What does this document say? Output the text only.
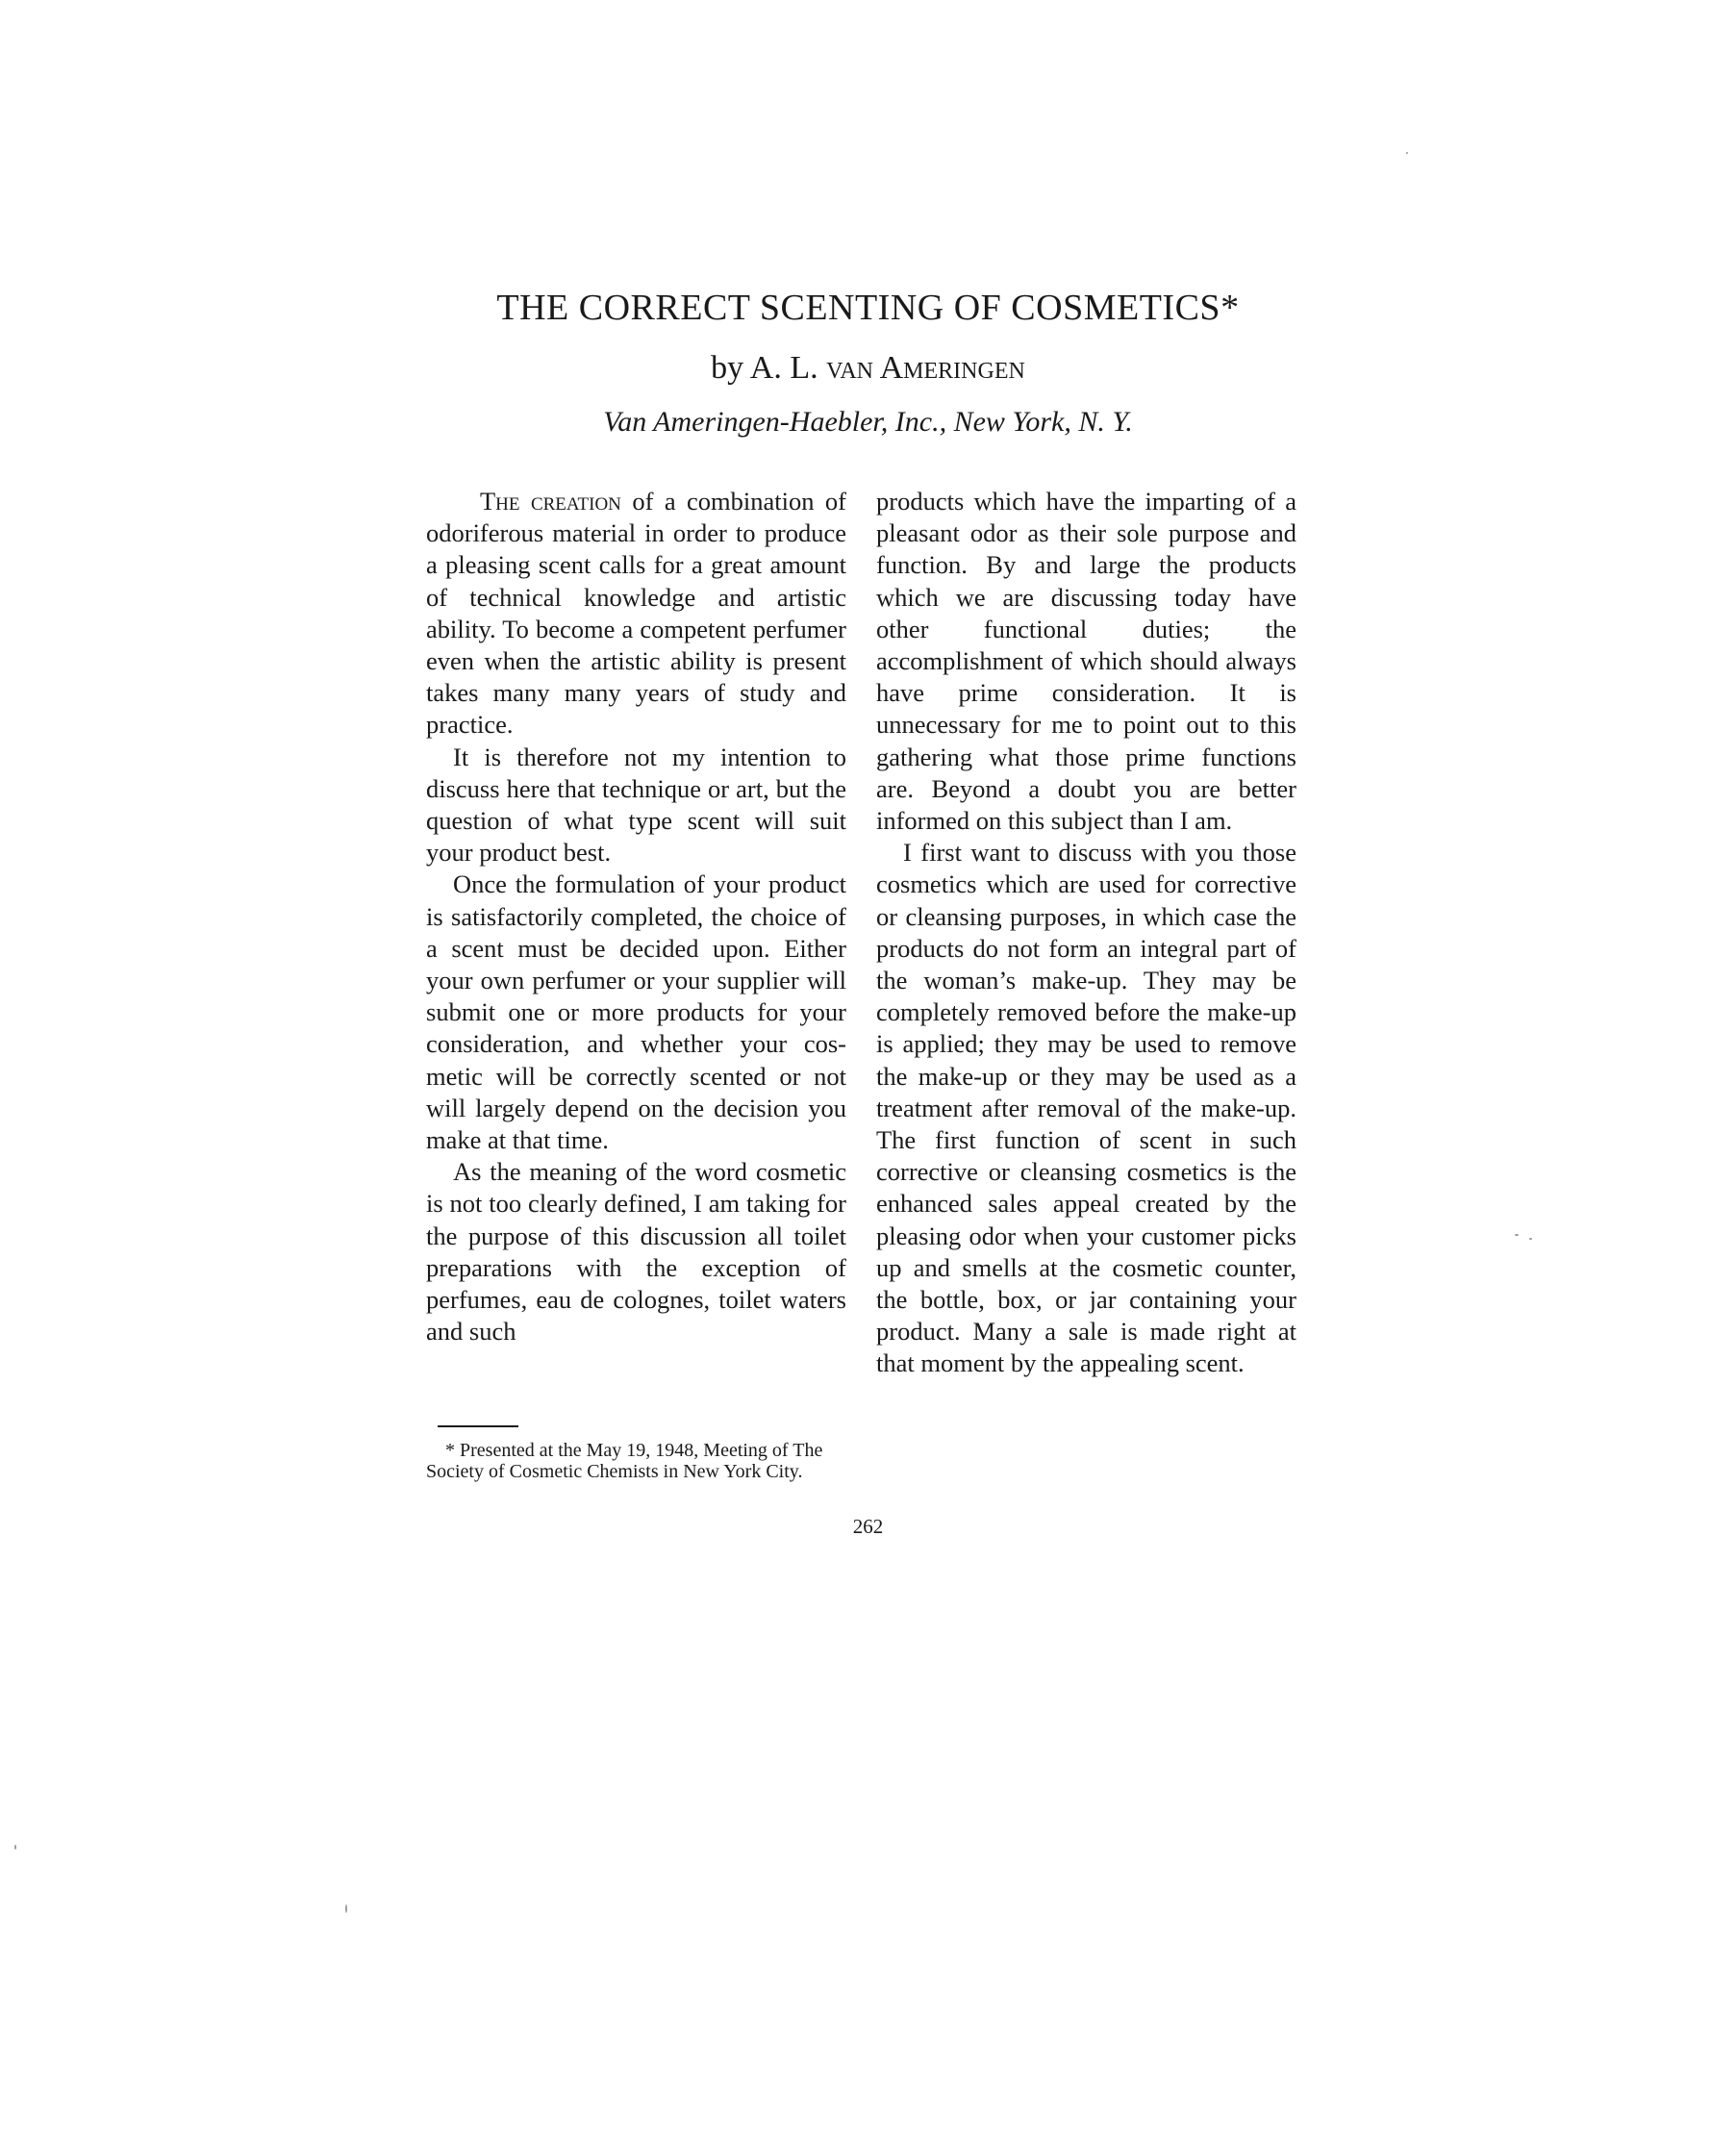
THE CORRECT SCENTING OF COSMETICS*

by A. L. van Ameringen

Van Ameringen-Haebler, Inc., New York, N. Y.

The creation of a combination of odoriferous material in order to produce a pleasing scent calls for a great amount of technical knowledge and artistic ability. To become a competent perfumer even when the artistic ability is present takes many many years of study and practice.

It is therefore not my intention to discuss here that technique or art, but the question of what type scent will suit your product best.

Once the formulation of your product is satisfactorily completed, the choice of a scent must be decided upon. Either your own perfumer or your supplier will submit one or more products for your consideration, and whether your cosmetic will be correctly scented or not will largely depend on the decision you make at that time.

As the meaning of the word cosmetic is not too clearly defined, I am taking for the purpose of this discussion all toilet preparations with the exception of perfumes, eau de colognes, toilet waters and such

products which have the imparting of a pleasant odor as their sole purpose and function. By and large the products which we are discussing today have other functional duties; the accomplishment of which should always have prime consideration. It is unnecessary for me to point out to this gathering what those prime functions are. Beyond a doubt you are better informed on this subject than I am.

I first want to discuss with you those cosmetics which are used for corrective or cleansing purposes, in which case the products do not form an integral part of the woman’s make-up. They may be completely removed before the make-up is applied; they may be used to remove the make-up or they may be used as a treatment after removal of the make-up. The first function of scent in such corrective or cleansing cosmetics is the enhanced sales appeal created by the pleasing odor when your customer picks up and smells at the cosmetic counter, the bottle, box, or jar containing your product. Many a sale is made right at that moment by the appealing scent.

* Presented at the May 19, 1948, Meeting of The Society of Cosmetic Chemists in New York City.

262
